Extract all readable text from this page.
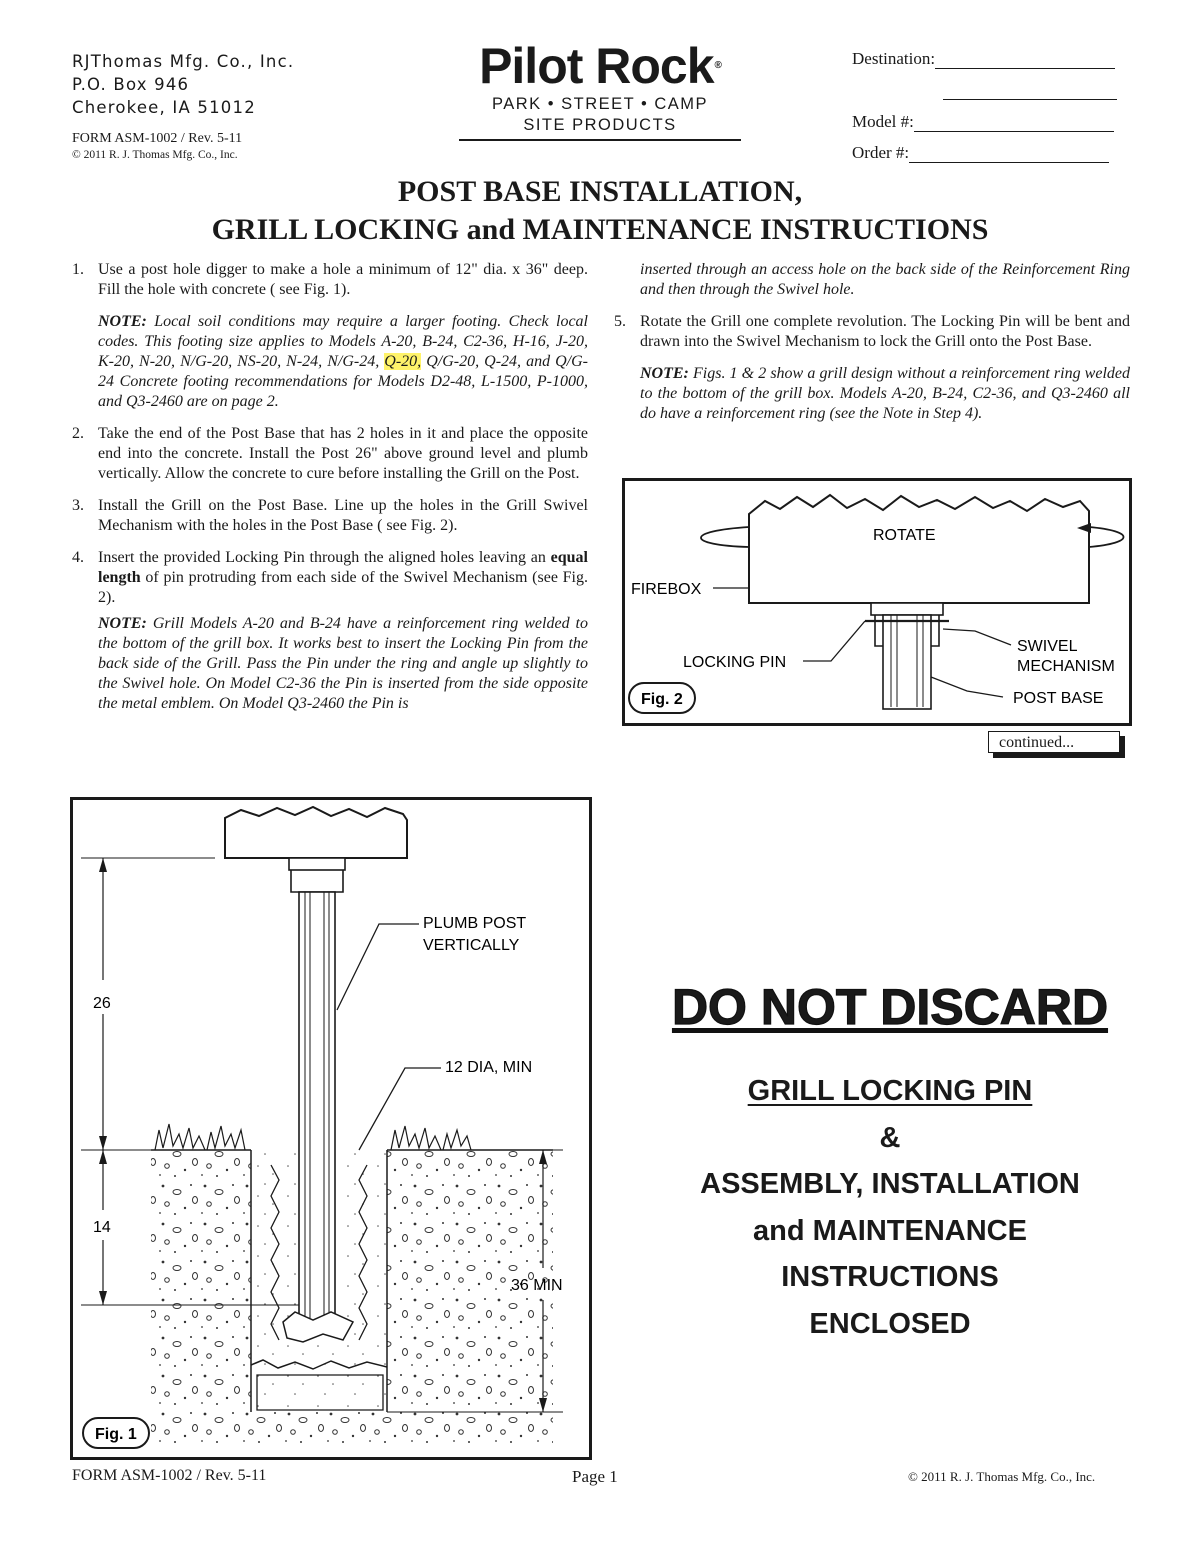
RJThomas Mfg. Co., Inc.
P.O. Box 946
Cherokee, IA 51012
FORM ASM-1002 / Rev. 5-11
© 2011 R. J. Thomas Mfg. Co., Inc.
Pilot Rock®
PARK • STREET • CAMP
SITE PRODUCTS
Destination:
Model #:
Order #:
POST BASE INSTALLATION,
GRILL LOCKING and MAINTENANCE INSTRUCTIONS
1. Use a post hole digger to make a hole a minimum of 12" dia. x 36" deep. Fill the hole with concrete ( see Fig. 1).
NOTE: Local soil conditions may require a larger footing. Check local codes. This footing size applies to Models A-20, B-24, C2-36, H-16, J-20, K-20, N-20, N/G-20, NS-20, N-24, N/G-24, Q-20, Q/G-20, Q-24, and Q/G-24 Concrete footing recommendations for Models D2-48, L-1500, P-1000, and Q3-2460 are on page 2.
2. Take the end of the Post Base that has 2 holes in it and place the opposite end into the concrete. Install the Post 26" above ground level and plumb vertically. Allow the concrete to cure before installing the Grill on the Post.
3. Install the Grill on the Post Base. Line up the holes in the Grill Swivel Mechanism with the holes in the Post Base ( see Fig. 2).
4. Insert the provided Locking Pin through the aligned holes leaving an equal length of pin protruding from each side of the Swivel Mechanism (see Fig. 2).
NOTE: Grill Models A-20 and B-24 have a reinforcement ring welded to the bottom of the grill box. It works best to insert the Locking Pin from the back side of the Grill. Pass the Pin under the ring and angle up slightly to the Swivel hole. On Model C2-36 the Pin is inserted from the side opposite the metal emblem. On Model Q3-2460 the Pin is
inserted through an access hole on the back side of the Reinforcement Ring and then through the Swivel hole.
5. Rotate the Grill one complete revolution. The Locking Pin will be bent and drawn into the Swivel Mechanism to lock the Grill onto the Post Base.
NOTE: Figs. 1 & 2 show a grill design without a reinforcement ring welded to the bottom of the grill box. Models A-20, B-24, C2-36, and Q3-2460 all do have a reinforcement ring (see the Note in Step 4).
ROTATE
FIREBOX
LOCKING PIN
SWIVEL
MECHANISM
POST BASE
Fig. 2
continued...
PLUMB POST
VERTICALLY
12 DIA, MIN
26
14
36 MIN
Fig. 1
DO NOT DISCARD
GRILL LOCKING PIN
&
ASSEMBLY, INSTALLATION
and MAINTENANCE
INSTRUCTIONS
ENCLOSED
FORM ASM-1002 / Rev. 5-11	Page 1	© 2011 R. J. Thomas Mfg. Co., Inc.
